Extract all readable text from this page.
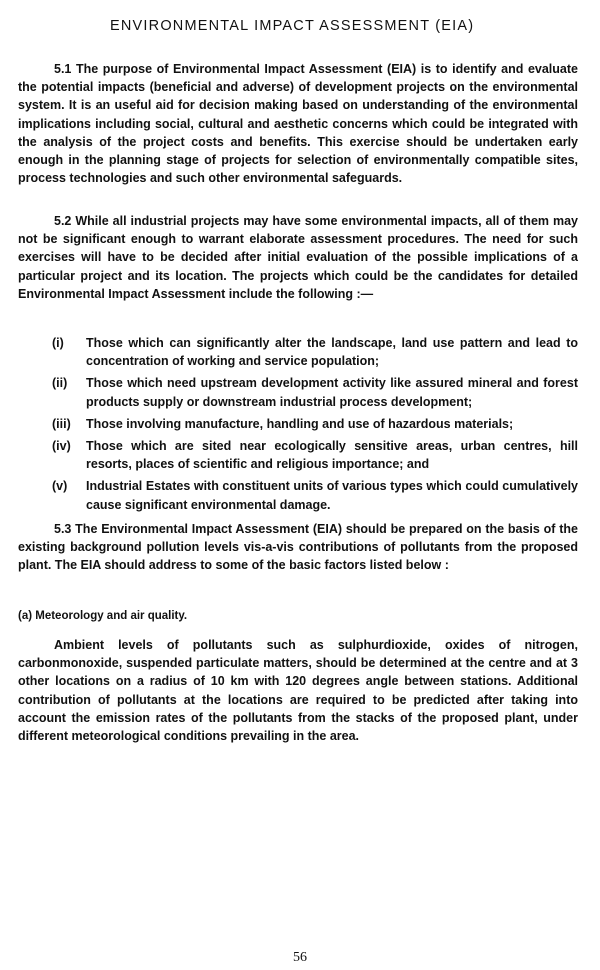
ENVIRONMENTAL IMPACT ASSESSMENT (EIA)
5.1 The purpose of Environmental Impact Assessment (EIA) is to identify and evaluate the potential impacts (beneficial and adverse) of development projects on the environmental system. It is an useful aid for decision making based on understanding of the environmental implications including social, cultural and aesthetic concerns which could be integrated with the analysis of the project costs and benefits. This exercise should be undertaken early enough in the planning stage of projects for selection of environmentally compatible sites, process technologies and such other environmental safeguards.
5.2 While all industrial projects may have some environmental impacts, all of them may not be significant enough to warrant elaborate assessment procedures. The need for such exercises will have to be decided after initial evaluation of the possible implications of a particular project and its location. The projects which could be the candidates for detailed Environmental Impact Assessment include the following :—
(i)	Those which can significantly alter the landscape, land use pattern and lead to concentration of working and service population;
(ii)	Those which need upstream development activity like assured mineral and forest products supply or downstream industrial process development;
(iii)	Those involving manufacture, handling and use of hazardous materials;
(iv)	Those which are sited near ecologically sensitive areas, urban centres, hill resorts, places of scientific and religious importance; and
(v)	Industrial Estates with constituent units of various types which could cumulatively cause significant environmental damage.
5.3 The Environmental Impact Assessment (EIA) should be prepared on the basis of the existing background pollution levels vis-a-vis contributions of pollutants from the proposed plant. The EIA should address to some of the basic factors listed below :
(a) Meteorology and air quality.
Ambient levels of pollutants such as sulphurdioxide, oxides of nitrogen, carbonmonoxide, suspended particulate matters, should be determined at the centre and at 3 other locations on a radius of 10 km with 120 degrees angle between stations. Additional contribution of pollutants at the locations are required to be predicted after taking into account the emission rates of the pollutants from the stacks of the proposed plant, under different meteorological conditions prevailing in the area.
56
